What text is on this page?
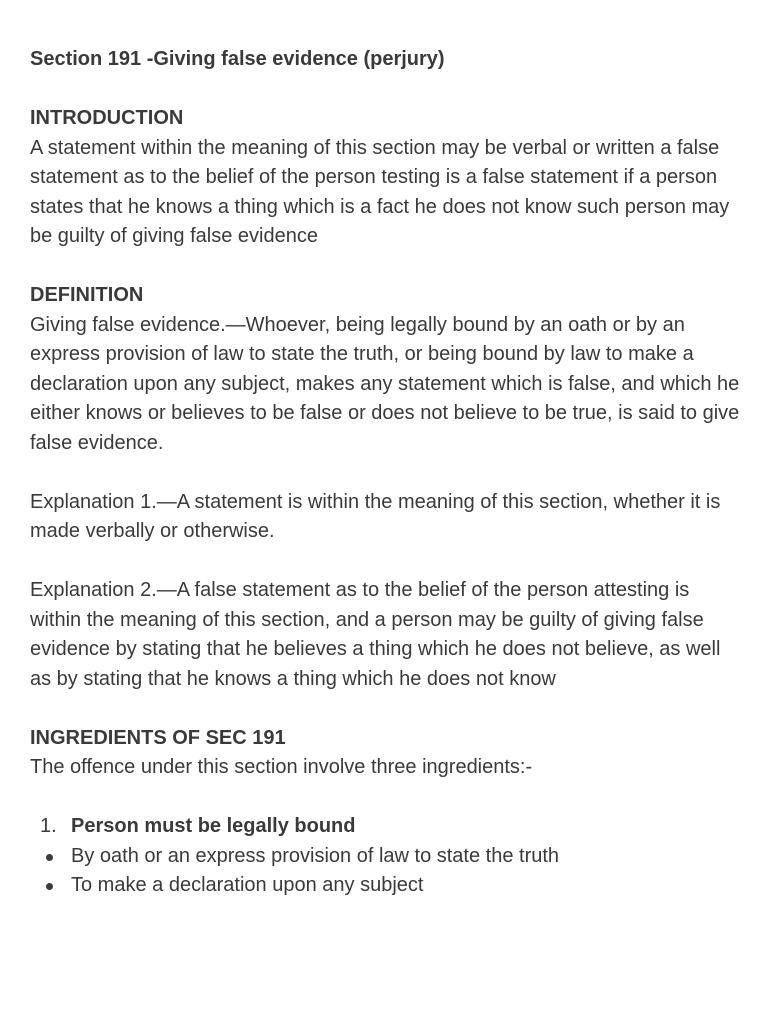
Section 191 -Giving false evidence (perjury)

INTRODUCTION

A statement within the meaning of this section may be verbal or written a false statement as to the belief of the person testing is a false statement if a person states that he knows a thing which is a fact he does not know such person may be guilty of giving false evidence

DEFINITION

Giving false evidence.—Whoever, being legally bound by an oath or by an express provision of law to state the truth, or being bound by law to make a declaration upon any subject, makes any statement which is false, and which he either knows or believes to be false or does not believe to be true, is said to give false evidence.

Explanation 1.—A statement is within the meaning of this section, whether it is made verbally or otherwise.

Explanation 2.—A false statement as to the belief of the person attesting is within the meaning of this section, and a person may be guilty of giving false evidence by stating that he believes a thing which he does not believe, as well as by stating that he knows a thing which he does not know

INGREDIENTS OF SEC 191

The offence under this section involve three ingredients:-

1. Person must be legally bound
By oath or an express provision of law to state the truth
To make a declaration upon any subject
